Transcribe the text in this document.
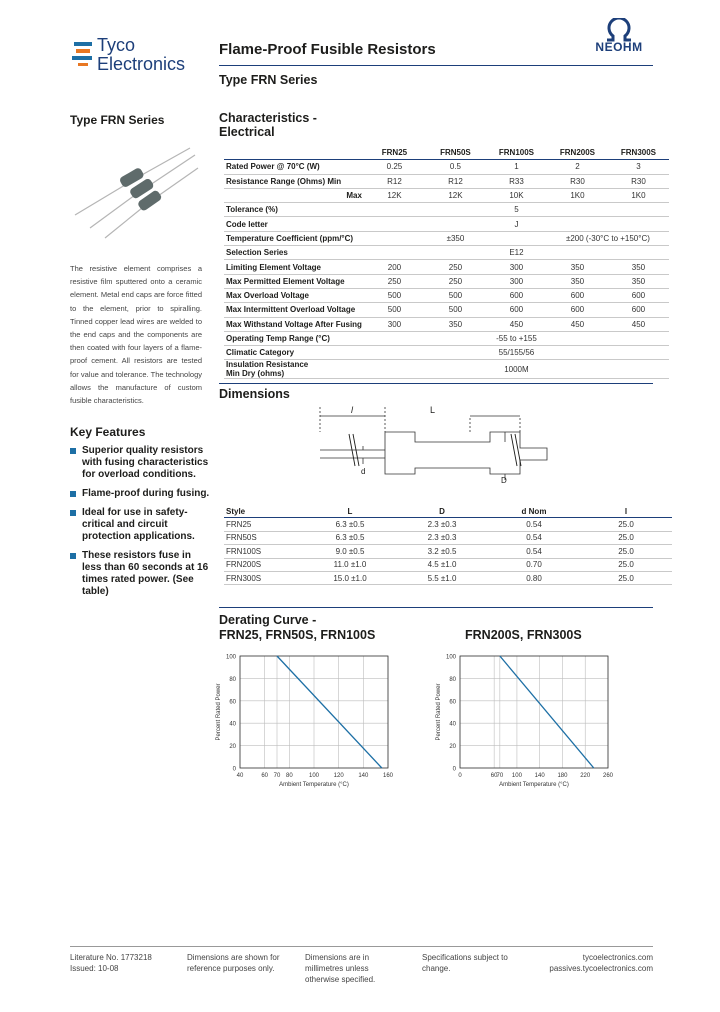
Tyco
Electronics
Flame-Proof Fusible Resistors
Type FRN Series
NEOHM
Type FRN Series
The resistive element comprises a resistive film sputtered onto a ceramic element. Metal end caps are force fitted to the element, prior to spiralling. Tinned copper lead wires are welded to the end caps and the components are then coated with four layers of a flame-proof cement. All resistors are tested for value and tolerance. The technology allows the manufacture of custom fusible characteristics.
Key Features
Superior quality resistors with fusing characteristics for overload conditions.
Flame-proof during fusing.
Ideal for use in safety-critical and circuit protection applications.
These resistors fuse in less than 60 seconds at 16 times rated power. (See table)
Characteristics -
Electrical
	FRN25	FRN50S	FRN100S	FRN200S	FRN300S
Rated Power @ 70°C (W)	0.25	0.5	1	2	3
Resistance Range (Ohms) Min	R12	R12	R33	R30	R30
Max	12K	12K	10K	1K0	1K0
Tolerance (%)	5				
Code letter	J				
Temperature Coefficient (ppm/°C)	±350			±200 (-30°C to +150°C)	
Selection Series	E12				
Limiting Element Voltage	200	250	300	350	350
Max Permitted Element Voltage	250	250	300	350	350
Max Overload Voltage	500	500	600	600	600
Max Intermittent Overload Voltage	500	500	600	600	600
Max Withstand Voltage After Fusing	300	350	450	450	450
Operating Temp Range (°C)	-55 to +155				
Climatic Category	55/155/56				
Insulation Resistance
Min Dry (ohms)	1000M				
Dimensions
l	L
D
d
Style	L	D	d Nom	l
FRN25	6.3 ±0.5	2.3 ±0.3	0.54	25.0
FRN50S	6.3 ±0.5	2.3 ±0.3	0.54	25.0
FRN100S	9.0 ±0.5	3.2 ±0.5	0.54	25.0
FRN200S	11.0 ±1.0	4.5 ±1.0	0.70	25.0
FRN300S	15.0 ±1.0	5.5 ±1.0	0.80	25.0
Derating Curve -
FRN25, FRN50S, FRN100S	FRN200S, FRN300S
0
20
40
60
80
100
40	60 70 80	100 120 140 160
Ambient Temperature (°C)
Percent Rated Power
0
20
40
60
80
100
0	60 70 100 140 180 220 260
Ambient Temperature (°C)
Percent Rated Power
Literature No. 1773218
Issued: 10-08
Dimensions are shown for
reference purposes only.
Dimensions are in
millimetres unless
otherwise specified.
Specifications subject to
change.
tycoelectronics.com
passives.tycoelectronics.com
